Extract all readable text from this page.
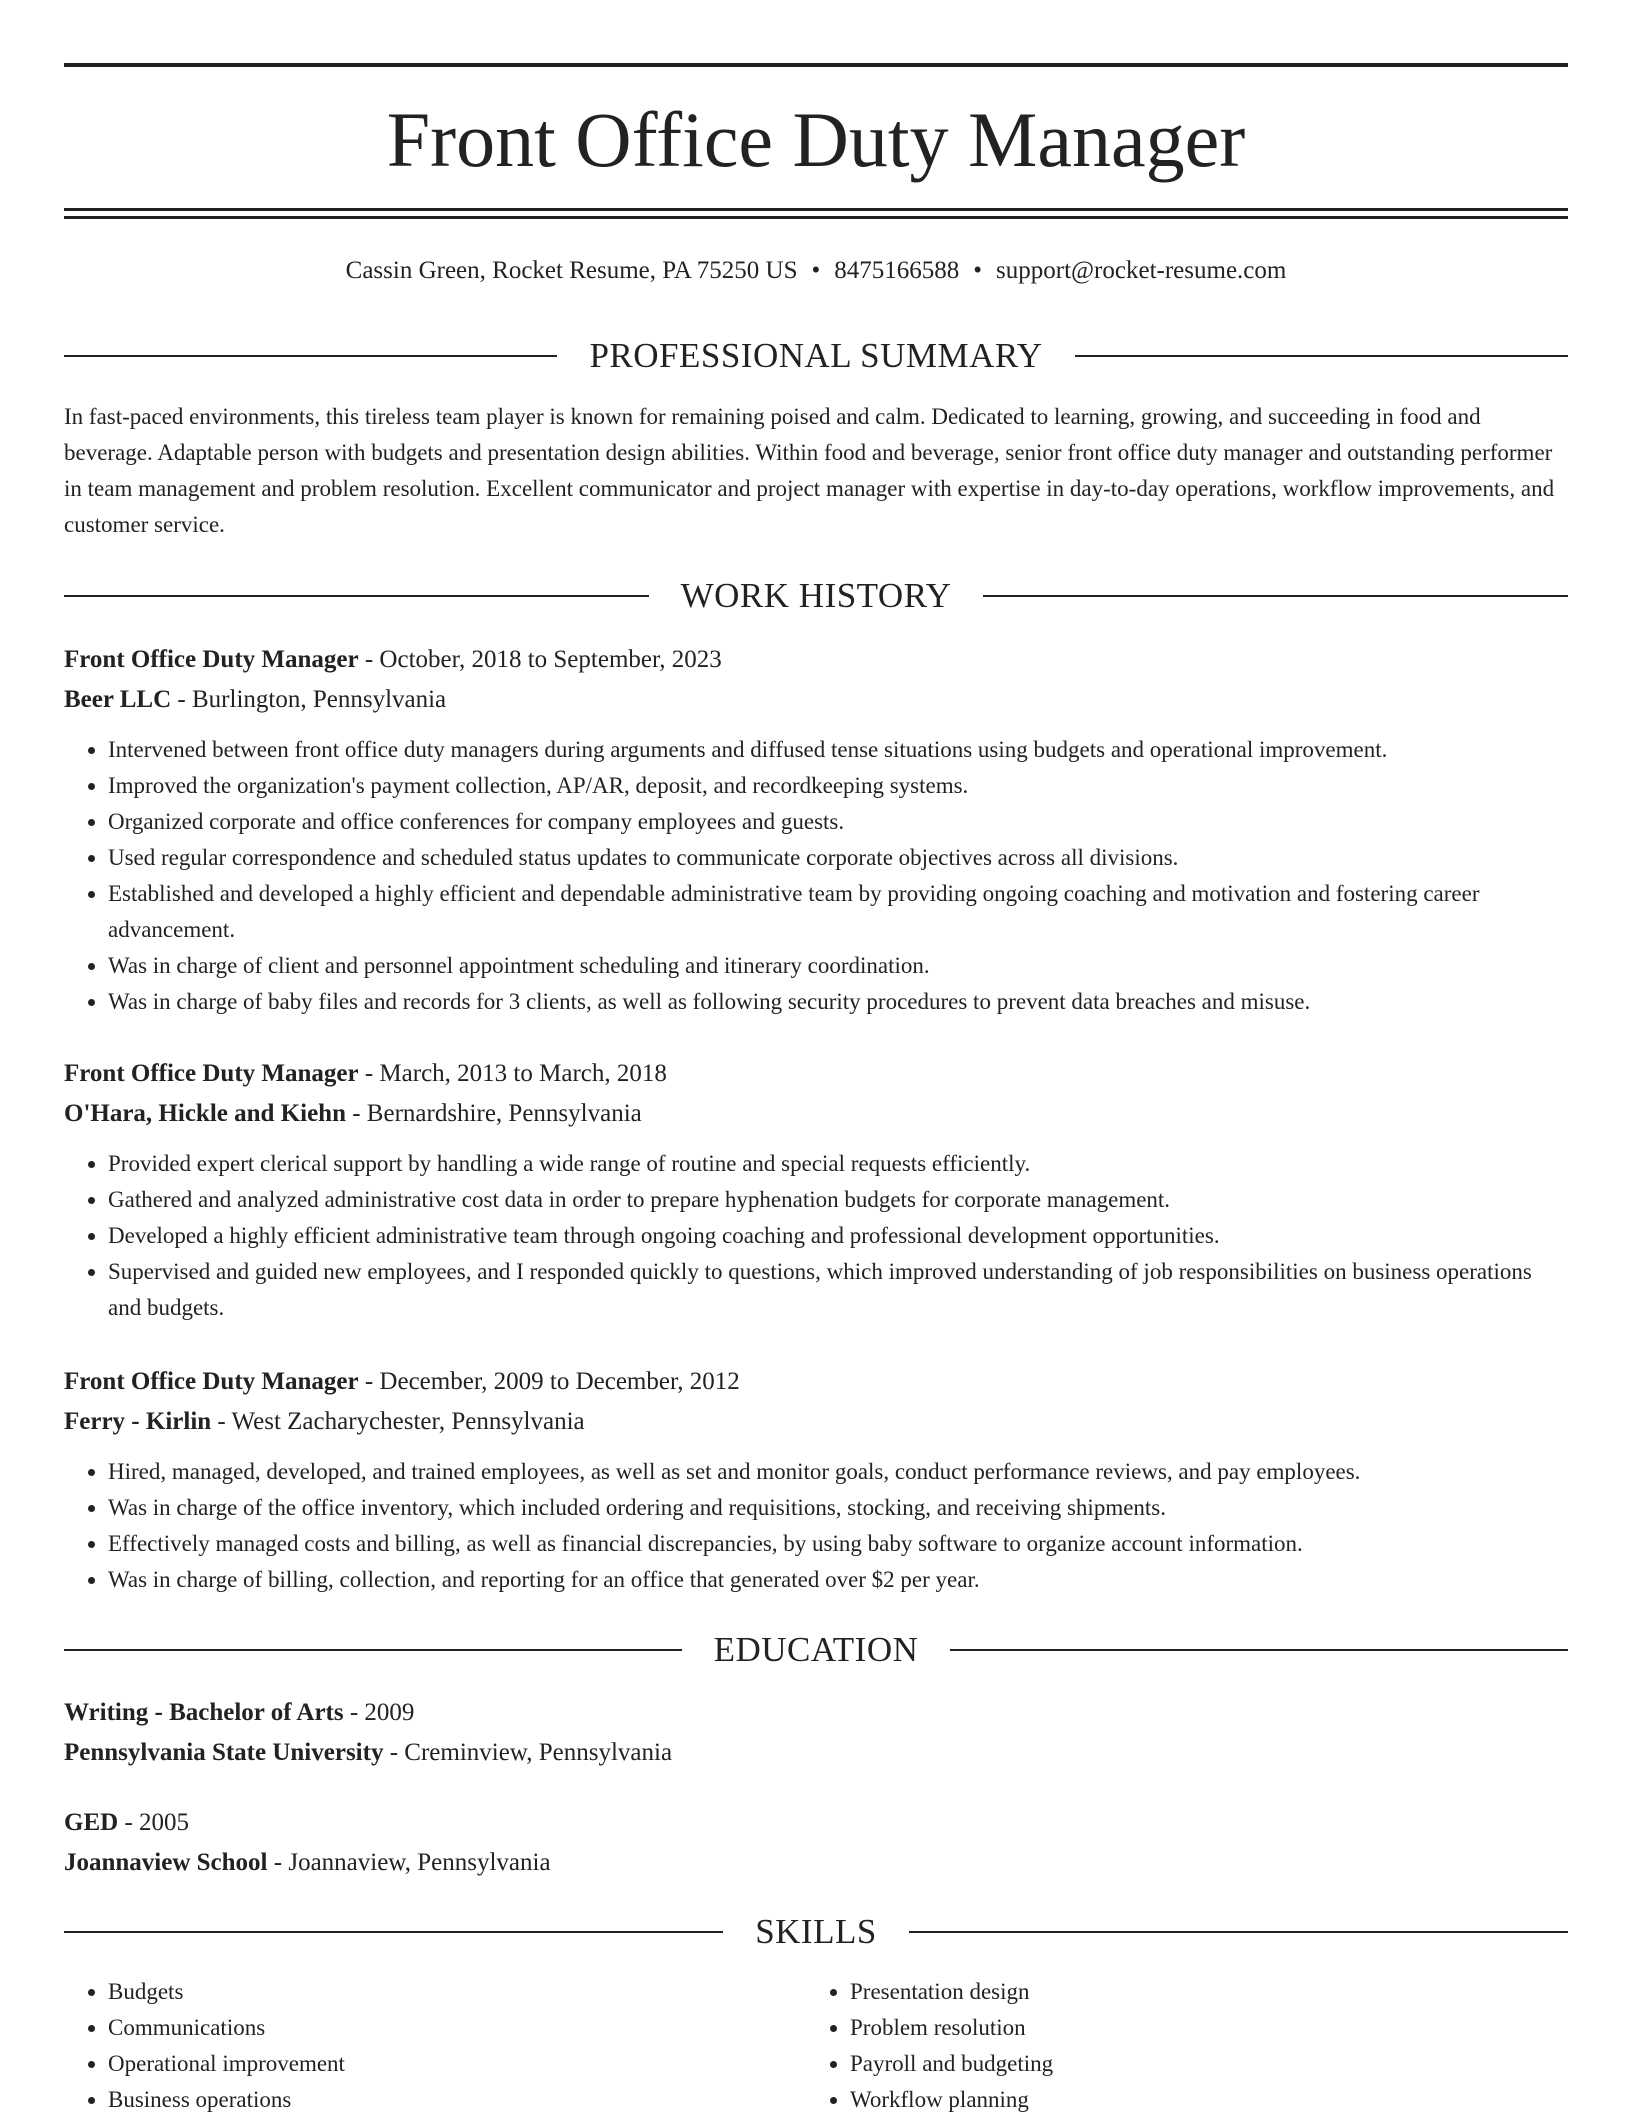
Front Office Duty Manager
Cassin Green, Rocket Resume, PA 75250 US • 8475166588 • support@rocket-resume.com
PROFESSIONAL SUMMARY

In fast-paced environments, this tireless team player is known for remaining poised and calm. Dedicated to learning, growing, and succeeding in food and beverage. Adaptable person with budgets and presentation design abilities. Within food and beverage, senior front office duty manager and outstanding performer in team management and problem resolution. Excellent communicator and project manager with expertise in day-to-day operations, workflow improvements, and customer service.

WORK HISTORY
Front Office Duty Manager - October, 2018 to September, 2023
Beer LLC - Burlington, Pennsylvania
• Intervened between front office duty managers during arguments and diffused tense situations using budgets and operational improvement.
• Improved the organization's payment collection, AP/AR, deposit, and recordkeeping systems.
• Organized corporate and office conferences for company employees and guests.
• Used regular correspondence and scheduled status updates to communicate corporate objectives across all divisions.
• Established and developed a highly efficient and dependable administrative team by providing ongoing coaching and motivation and fostering career advancement.
• Was in charge of client and personnel appointment scheduling and itinerary coordination.
• Was in charge of baby files and records for 3 clients, as well as following security procedures to prevent data breaches and misuse.
Front Office Duty Manager - March, 2013 to March, 2018
O'Hara, Hickle and Kiehn - Bernardshire, Pennsylvania
• Provided expert clerical support by handling a wide range of routine and special requests efficiently.
• Gathered and analyzed administrative cost data in order to prepare hyphenation budgets for corporate management.
• Developed a highly efficient administrative team through ongoing coaching and professional development opportunities.
• Supervised and guided new employees, and I responded quickly to questions, which improved understanding of job responsibilities on business operations and budgets.
Front Office Duty Manager - December, 2009 to December, 2012
Ferry - Kirlin - West Zacharychester, Pennsylvania
• Hired, managed, developed, and trained employees, as well as set and monitor goals, conduct performance reviews, and pay employees.
• Was in charge of the office inventory, which included ordering and requisitions, stocking, and receiving shipments.
• Effectively managed costs and billing, as well as financial discrepancies, by using baby software to organize account information.
• Was in charge of billing, collection, and reporting for an office that generated over $2 per year.
EDUCATION
Writing - Bachelor of Arts - 2009
Pennsylvania State University - Creminview, Pennsylvania
GED - 2005
Joannaview School - Joannaview, Pennsylvania
SKILLS
• Budgets
• Communications
• Operational improvement
• Business operations
• Presentation design
• Problem resolution
• Payroll and budgeting
• Workflow planning
